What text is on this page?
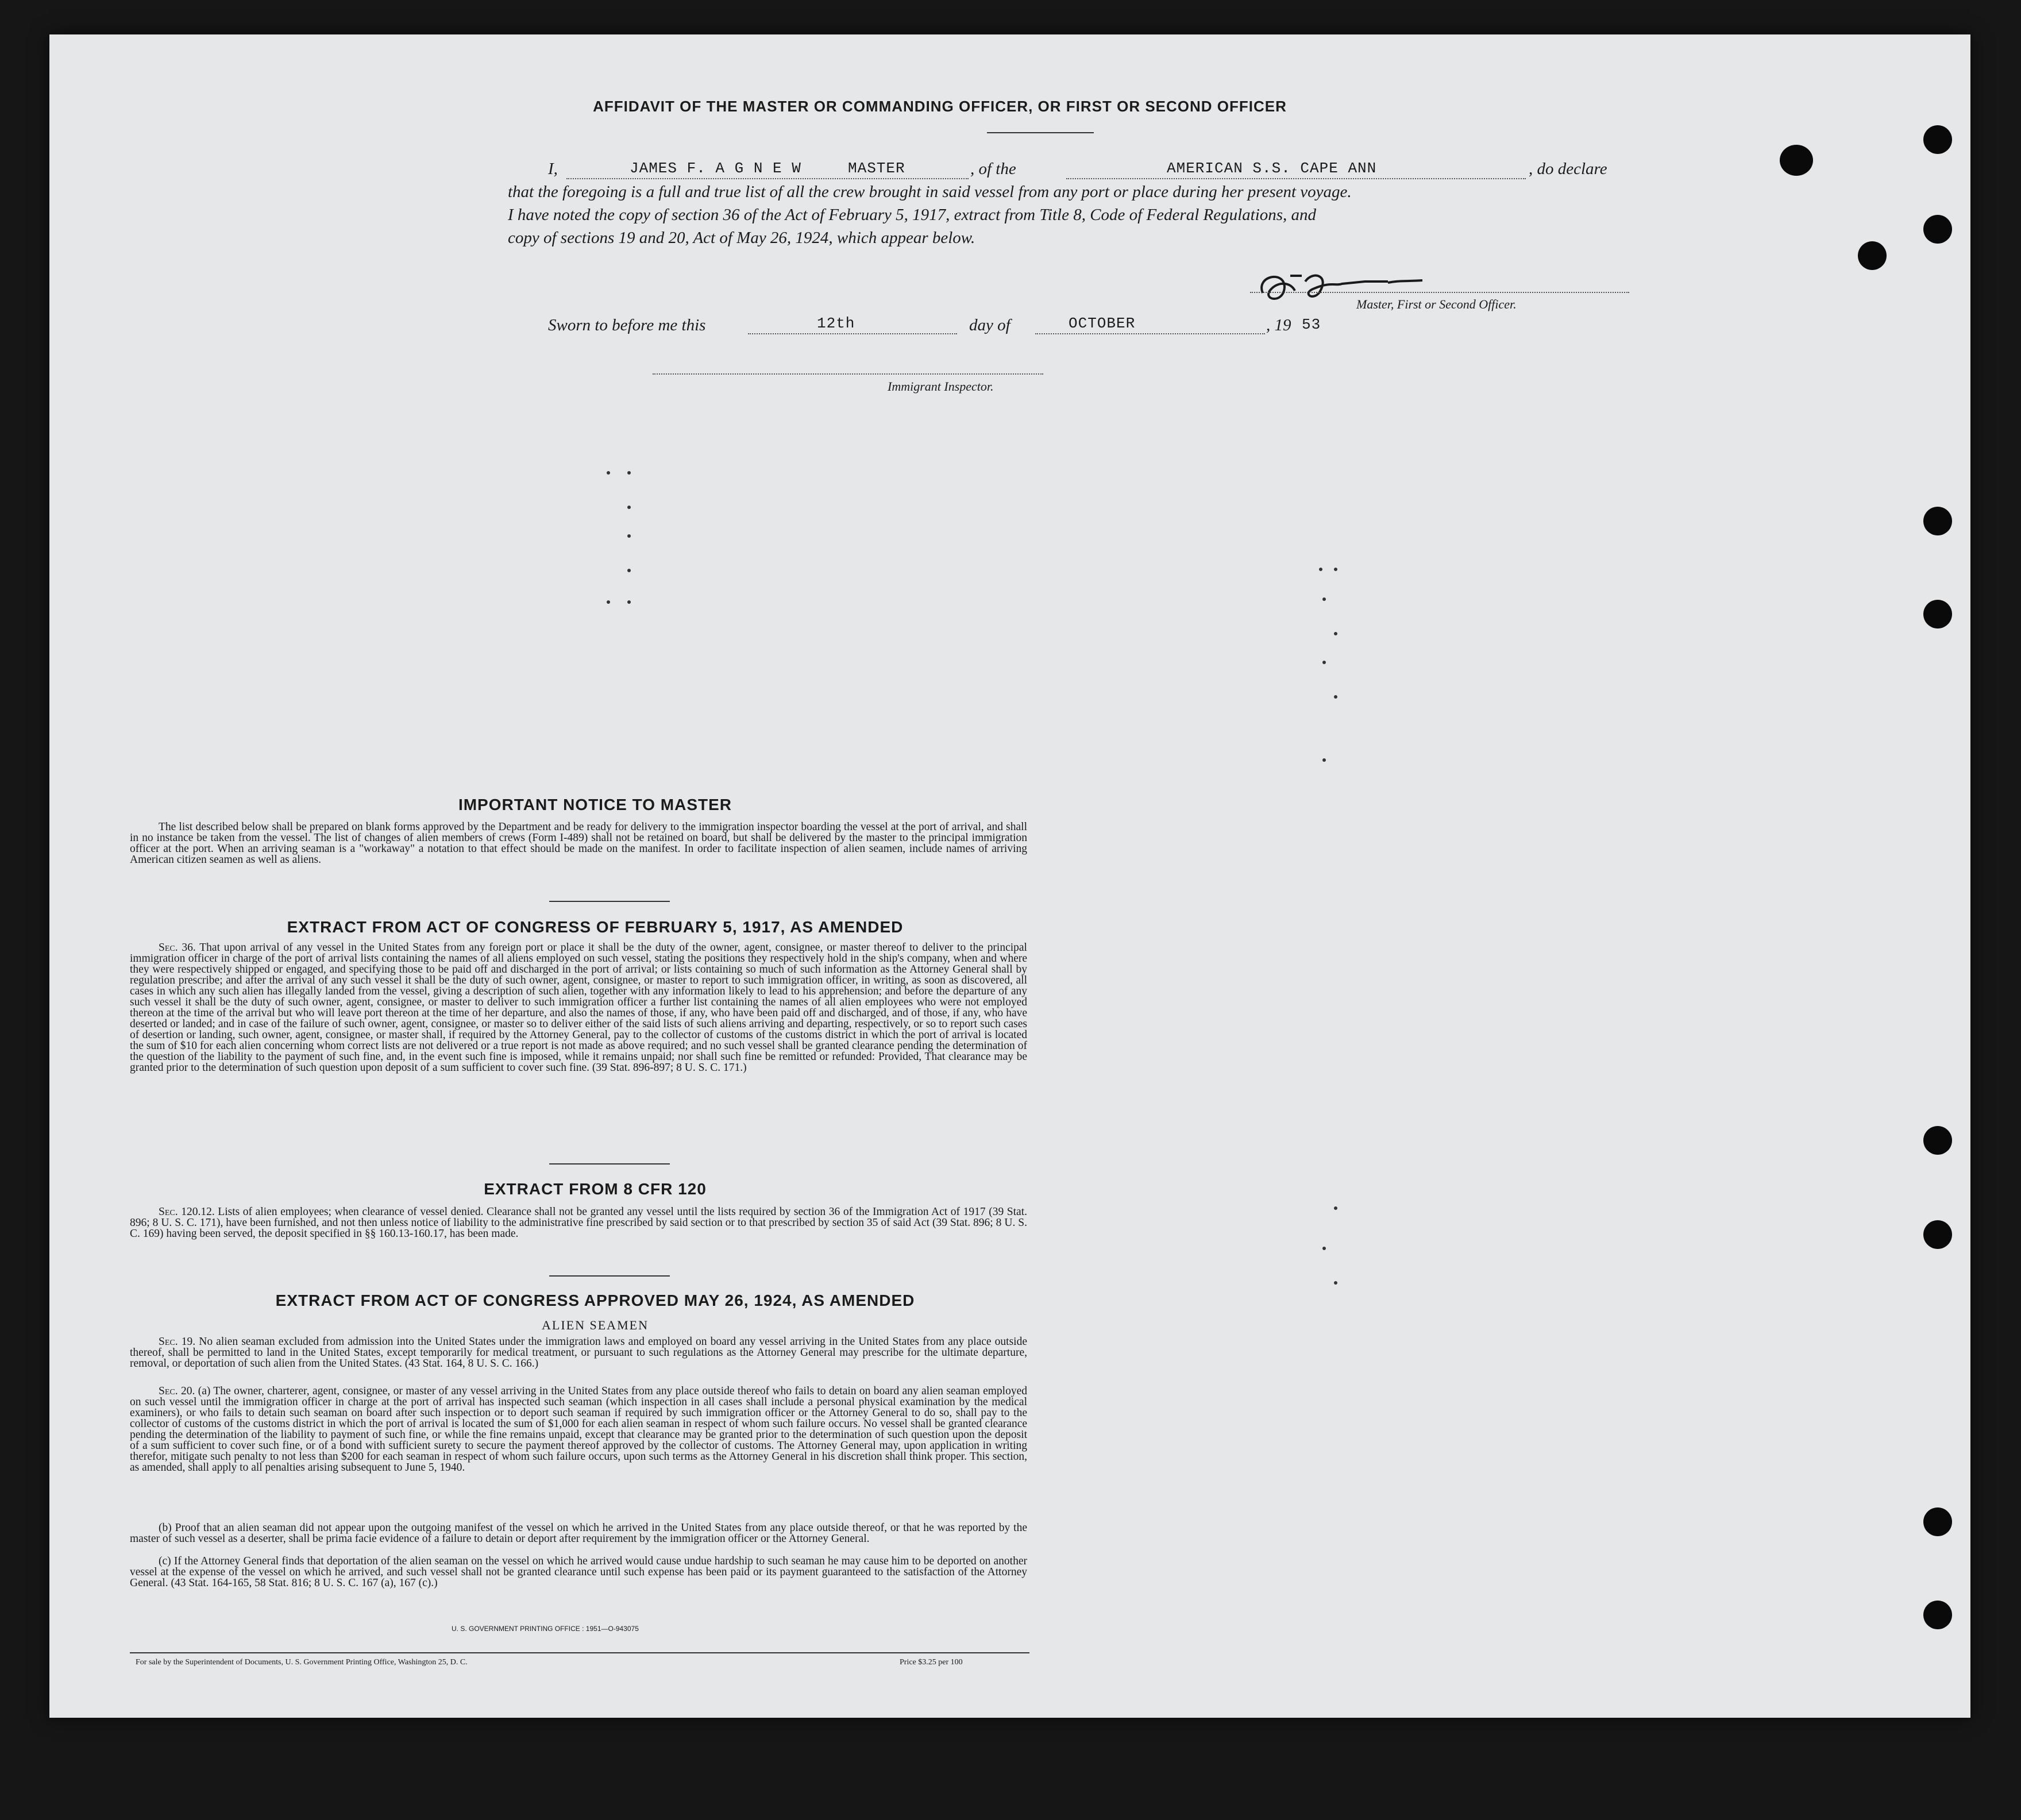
AFFIDAVIT OF THE MASTER OR COMMANDING OFFICER, OR FIRST OR SECOND OFFICER
I,	JAMES F. A G N E W	MASTER	, of the	AMERICAN S.S. CAPE ANN	, do declare
that the foregoing is a full and true list of all the crew brought in said vessel from any port or place during her present voyage.
I have noted the copy of section 36 of the Act of February 5, 1917, extract from Title 8, Code of Federal Regulations, and
copy of sections 19 and 20, Act of May 26, 1924, which appear below.
Master, First or Second Officer.
Sworn to before me this	12th	day of	OCTOBER	, 19 53
Immigrant Inspector.
IMPORTANT NOTICE TO MASTER
The list described below shall be prepared on blank forms approved by the Department and be ready for delivery to the immigration inspector boarding the vessel at the port of arrival, and shall in no instance be taken from the vessel. The list of changes of alien members of crews (Form I-489) shall not be retained on board, but shall be delivered by the master to the principal immigration officer at the port. When an arriving seaman is a "workaway" a notation to that effect should be made on the manifest. In order to facilitate inspection of alien seamen, include names of arriving American citizen seamen as well as aliens.
EXTRACT FROM ACT OF CONGRESS OF FEBRUARY 5, 1917, AS AMENDED
Sec. 36. That upon arrival of any vessel in the United States from any foreign port or place it shall be the duty of the owner, agent, consignee, or master thereof to deliver to the principal immigration officer in charge of the port of arrival lists containing the names of all aliens employed on such vessel, stating the positions they respectively hold in the ship's company, when and where they were respectively shipped or engaged, and specifying those to be paid off and discharged in the port of arrival; or lists containing so much of such information as the Attorney General shall by regulation prescribe; and after the arrival of any such vessel it shall be the duty of such owner, agent, consignee, or master to report to such immigration officer, in writing, as soon as discovered, all cases in which any such alien has illegally landed from the vessel, giving a description of such alien, together with any information likely to lead to his apprehension; and before the departure of any such vessel it shall be the duty of such owner, agent, consignee, or master to deliver to such immigration officer a further list containing the names of all alien employees who were not employed thereon at the time of the arrival but who will leave port thereon at the time of her departure, and also the names of those, if any, who have been paid off and discharged, and of those, if any, who have deserted or landed; and in case of the failure of such owner, agent, consignee, or master so to deliver either of the said lists of such aliens arriving and departing, respectively, or so to report such cases of desertion or landing, such owner, agent, consignee, or master shall, if required by the Attorney General, pay to the collector of customs of the customs district in which the port of arrival is located the sum of $10 for each alien concerning whom correct lists are not delivered or a true report is not made as above required; and no such vessel shall be granted clearance pending the determination of the question of the liability to the payment of such fine, and, in the event such fine is imposed, while it remains unpaid; nor shall such fine be remitted or refunded: Provided, That clearance may be granted prior to the determination of such question upon deposit of a sum sufficient to cover such fine. (39 Stat. 896-897; 8 U. S. C. 171.)
EXTRACT FROM 8 CFR 120
Sec. 120.12. Lists of alien employees; when clearance of vessel denied. Clearance shall not be granted any vessel until the lists required by section 36 of the Immigration Act of 1917 (39 Stat. 896; 8 U. S. C. 171), have been furnished, and not then unless notice of liability to the administrative fine prescribed by said section or to that prescribed by section 35 of said Act (39 Stat. 896; 8 U. S. C. 169) having been served, the deposit specified in §§ 160.13-160.17, has been made.
EXTRACT FROM ACT OF CONGRESS APPROVED MAY 26, 1924, AS AMENDED
ALIEN SEAMEN
Sec. 19. No alien seaman excluded from admission into the United States under the immigration laws and employed on board any vessel arriving in the United States from any place outside thereof, shall be permitted to land in the United States, except temporarily for medical treatment, or pursuant to such regulations as the Attorney General may prescribe for the ultimate departure, removal, or deportation of such alien from the United States. (43 Stat. 164, 8 U. S. C. 166.)
Sec. 20. (a) The owner, charterer, agent, consignee, or master of any vessel arriving in the United States from any place outside thereof who fails to detain on board any alien seaman employed on such vessel until the immigration officer in charge at the port of arrival has inspected such seaman (which inspection in all cases shall include a personal physical examination by the medical examiners), or who fails to detain such seaman on board after such inspection or to deport such seaman if required by such immigration officer or the Attorney General to do so, shall pay to the collector of customs of the customs district in which the port of arrival is located the sum of $1,000 for each alien seaman in respect of whom such failure occurs. No vessel shall be granted clearance pending the determination of the liability to payment of such fine, or while the fine remains unpaid, except that clearance may be granted prior to the determination of such question upon the deposit of a sum sufficient to cover such fine, or of a bond with sufficient surety to secure the payment thereof approved by the collector of customs. The Attorney General may, upon application in writing therefor, mitigate such penalty to not less than $200 for each seaman in respect of whom such failure occurs, upon such terms as the Attorney General in his discretion shall think proper. This section, as amended, shall apply to all penalties arising subsequent to June 5, 1940.
(b) Proof that an alien seaman did not appear upon the outgoing manifest of the vessel on which he arrived in the United States from any place outside thereof, or that he was reported by the master of such vessel as a deserter, shall be prima facie evidence of a failure to detain or deport after requirement by the immigration officer or the Attorney General.
(c) If the Attorney General finds that deportation of the alien seaman on the vessel on which he arrived would cause undue hardship to such seaman he may cause him to be deported on another vessel at the expense of the vessel on which he arrived, and such vessel shall not be granted clearance until such expense has been paid or its payment guaranteed to the satisfaction of the Attorney General. (43 Stat. 164-165, 58 Stat. 816; 8 U. S. C. 167 (a), 167 (c).)
U. S. GOVERNMENT PRINTING OFFICE : 1951—O-943075
For sale by the Superintendent of Documents, U. S. Government Printing Office, Washington 25, D. C.	Price $3.25 per 100
